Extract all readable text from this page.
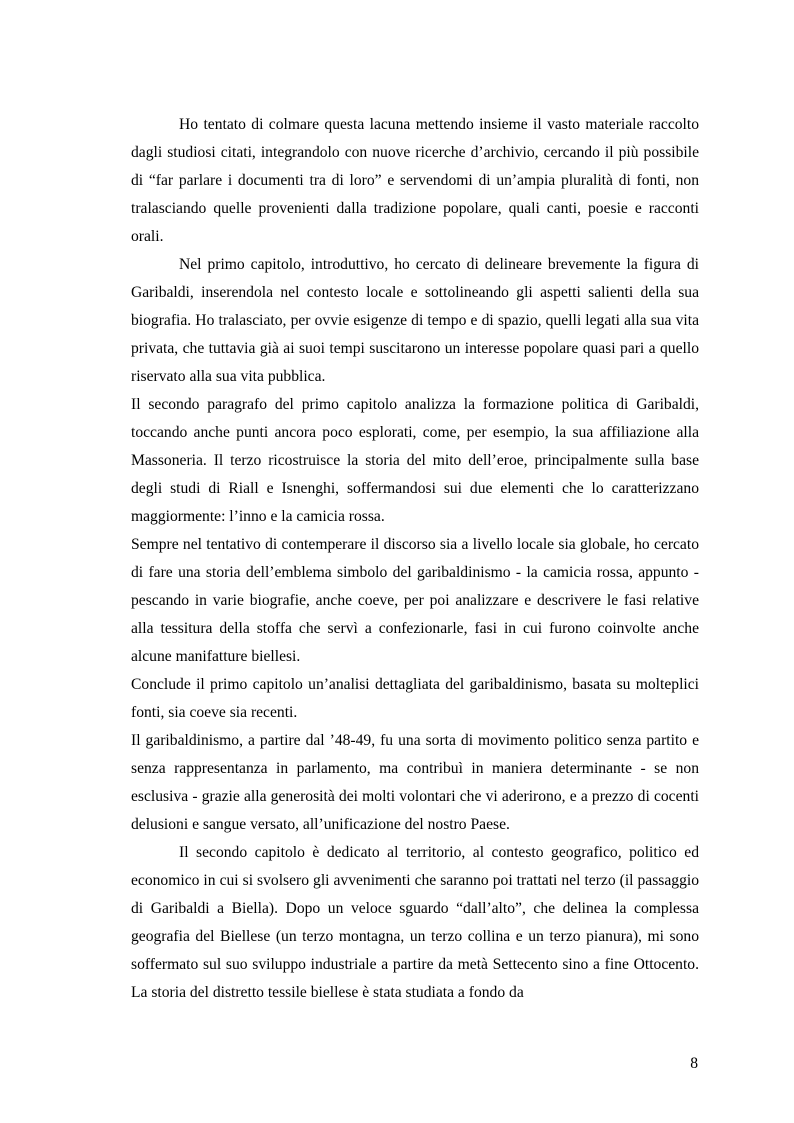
Ho tentato di colmare questa lacuna mettendo insieme il vasto materiale raccolto dagli studiosi citati, integrandolo con nuove ricerche d’archivio, cercando il più possibile di “far parlare i documenti tra di loro” e servendomi di un’ampia pluralità di fonti, non tralasciando quelle provenienti dalla tradizione popolare, quali canti, poesie e racconti orali.

Nel primo capitolo, introduttivo, ho cercato di delineare brevemente la figura di Garibaldi, inserendola nel contesto locale e sottolineando gli aspetti salienti della sua biografia. Ho tralasciato, per ovvie esigenze di tempo e di spazio, quelli legati alla sua vita privata, che tuttavia già ai suoi tempi suscitarono un interesse popolare quasi pari a quello riservato alla sua vita pubblica.

Il secondo paragrafo del primo capitolo analizza la formazione politica di Garibaldi, toccando anche punti ancora poco esplorati, come, per esempio, la sua affiliazione alla Massoneria. Il terzo ricostruisce la storia del mito dell’eroe, principalmente sulla base degli studi di Riall e Isnenghi, soffermandosi sui due elementi che lo caratterizzano maggiormente: l’inno e la camicia rossa.

Sempre nel tentativo di contemperare il discorso sia a livello locale sia globale, ho cercato di fare una storia dell’emblema simbolo del garibaldinismo - la camicia rossa, appunto - pescando in varie biografie, anche coeve, per poi analizzare e descrivere le fasi relative alla tessitura della stoffa che servì a confezionarle, fasi in cui furono coinvolte anche alcune manifatture biellesi.

Conclude il primo capitolo un’analisi dettagliata del garibaldinismo, basata su molteplici fonti, sia coeve sia recenti.

Il garibaldinismo, a partire dal ’48-49, fu una sorta di movimento politico senza partito e senza rappresentanza in parlamento, ma contribuì in maniera determinante - se non esclusiva - grazie alla generosità dei molti volontari che vi aderirono, e a prezzo di cocenti delusioni e sangue versato, all’unificazione del nostro Paese.

Il secondo capitolo è dedicato al territorio, al contesto geografico, politico ed economico in cui si svolsero gli avvenimenti che saranno poi trattati nel terzo (il passaggio di Garibaldi a Biella). Dopo un veloce sguardo “dall’alto”, che delinea la complessa geografia del Biellese (un terzo montagna, un terzo collina e un terzo pianura), mi sono soffermato sul suo sviluppo industriale a partire da metà Settecento sino a fine Ottocento. La storia del distretto tessile biellese è stata studiata a fondo da

8
